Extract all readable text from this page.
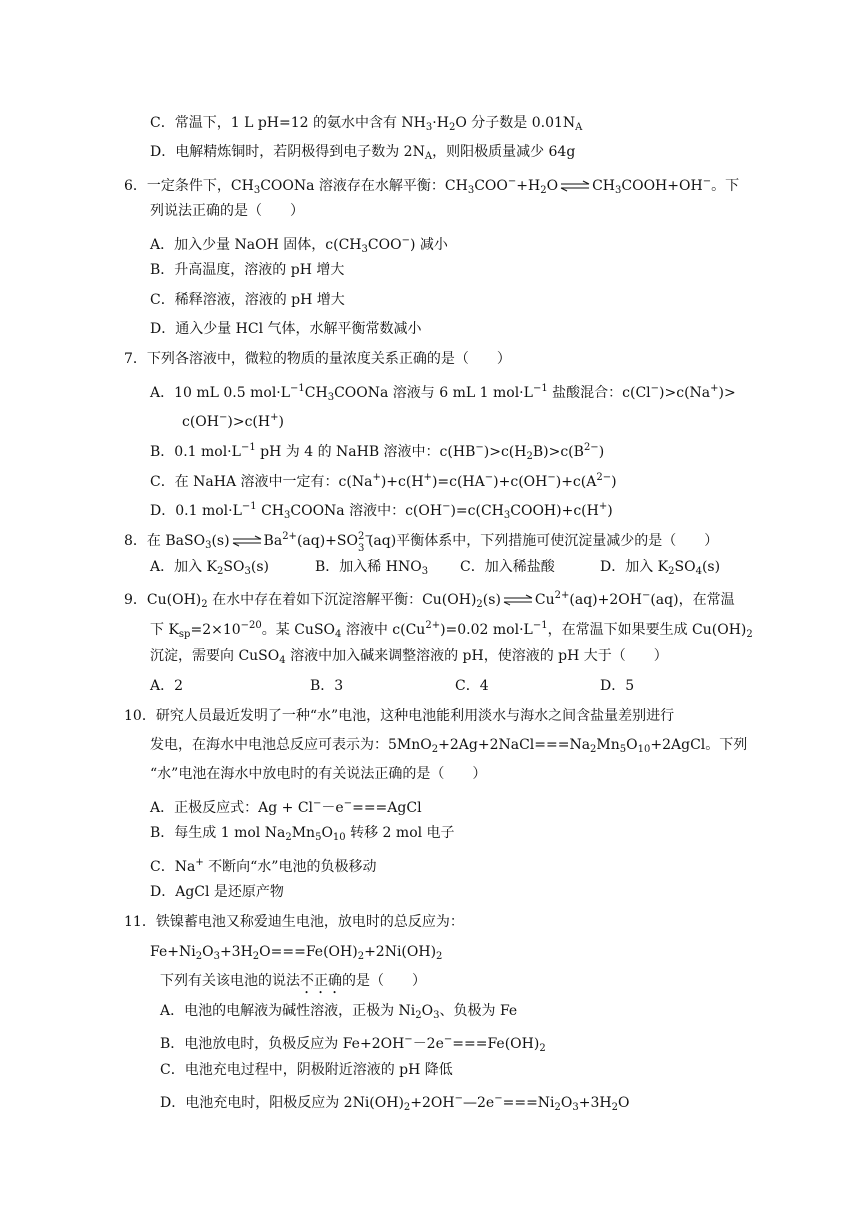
C．常温下，1 L pH=12 的氨水中含有 $NH_3\cdot H_2O$ 分子数是 $0.01N_A$
D．电解精炼铜时，若阴极得到电子数为 $2N_A$，则阳极质量减少 64g
6．一定条件下，$CH_3COONa$ 溶液存在水解平衡：$CH_3COO^-+H_2O$ ⇌ $CH_3COOH+OH^-$。下
列说法正确的是（　　）
A．加入少量 NaOH 固体，$c(CH_3COO^-)$ 减小
B．升高温度，溶液的 pH 增大
C．稀释溶液，溶液的 pH 增大
D．通入少量 HCl 气体，水解平衡常数减小
7．下列各溶液中，微粒的物质的量浓度关系正确的是（　　）
A．10 mL 0.5 $mol\cdot L^{-1}CH_3COONa$ 溶液与 6 mL 1 $mol\cdot L^{-1}$ 盐酸混合：c(Cl−)>c(Na+)>
c(OH−)>c(H+)
B．0.1 $mol\cdot L^{-1}$ pH 为 4 的 NaHB 溶液中：$c(HB^-)>c(H_2B)>c(B^{2-})$
C．在 NaHA 溶液中一定有：$c(Na^+)+c(H^+)=c(HA^-)+c(OH^-)+c(A^{2-})$
D．0.1 $mol\cdot L^{-1}$ $CH_3COONa$ 溶液中：$c(OH^-)=c(CH_3COOH)+c(H^+)$
8．在 BaSO$_3$(s) ⇌ $Ba^{2+}(aq)+SO$ 2−
3 (aq)平衡体系中，下列措施可使沉淀量减少的是（　　）
A．加入 $K_2SO_3(s)$	B．加入稀 $HNO_3$ C．加入稀盐酸	D．加入 $K_2SO_4(s)$
9．$Cu(OH)_2$ 在水中存在着如下沉淀溶解平衡：$Cu(OH)_2(s)$ ⇌ $Cu^{2+}(aq)+2OH^-(aq)$，在常温
下 $K_{sp}=2\times 10^{-20}$。某 CuSO$_4$ 溶液中 $c(Cu^{2+})=0.02$ $mol\cdot L^{-1}$，在常温下如果要生成 $Cu(OH)_2$
沉淀，需要向 CuSO$_4$ 溶液中加入碱来调整溶液的 pH，使溶液的 pH 大于（　　）
A．2	B．3	C．4	D．5
10．研究人员最近发明了一种“水”电池，这种电池能利用淡水与海水之间含盐量差别进行
发电，在海水中电池总反应可表示为：$5MnO_2+2Ag+2NaCl===Na_2Mn_5O_{10}+2AgCl$。下列
“水”电池在海水中放电时的有关说法正确的是（　　）
A．正极反应式：Ag + Cl−－e−===AgCl
B．每生成 1 mol $Na_2Mn_5O_{10}$ 转移 2 mol 电子
C．Na+ 不断向“水”电池的负极移动
D．AgCl 是还原产物
11．铁镍蓄电池又称爱迪生电池，放电时的总反应为：
$Fe+Ni_2O_3+3H_2O===Fe(OH)_2+2Ni(OH)_2$
下列有关该电池的说法不正确的是（　　）
A．电池的电解液为碱性溶液，正极为 $Ni_2O_3$、负极为 Fe
B．电池放电时，负极反应为 $Fe+2OH^--2e^-===Fe(OH)_2$
C．电池充电过程中，阴极附近溶液的 pH 降低
D．电池充电时，阳极反应为 $2Ni(OH)_2+2OH^-—2e^-===Ni_2O_3+3H_2O$
